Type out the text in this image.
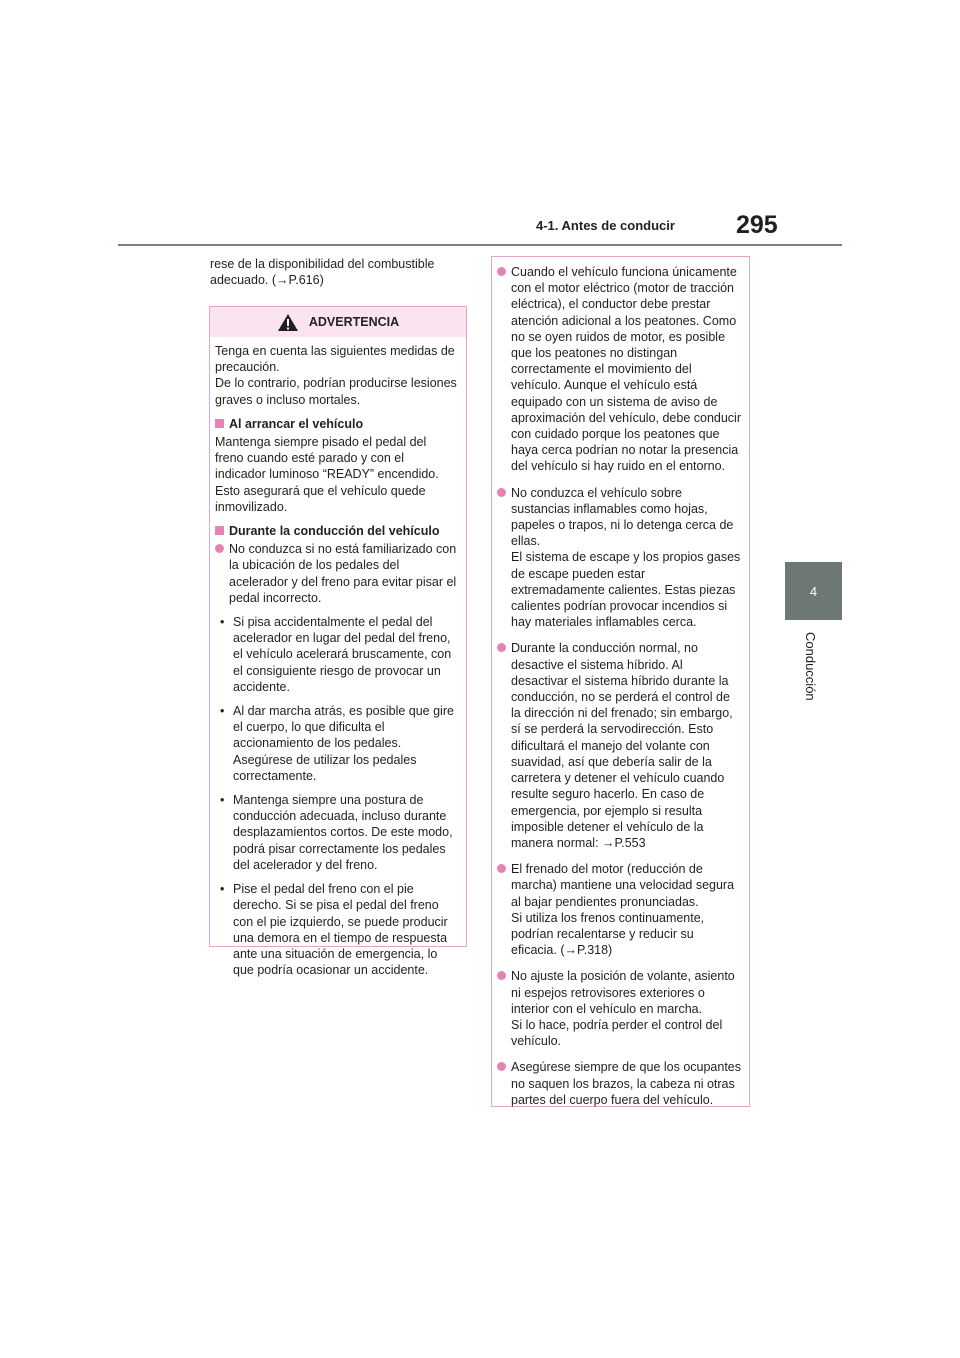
4-1. Antes de conducir 295
4
Conducción
rese de la disponibilidad del combustible adecuado. (→ P.616)
ADVERTENCIA

Tenga en cuenta las siguientes medidas de precaución.
De lo contrario, podrían producirse lesiones graves o incluso mortales.

Al arrancar el vehículo

Mantenga siempre pisado el pedal del freno cuando esté parado y con el indicador luminoso “READY” encendido. Esto asegurará que el vehículo quede inmovilizado.

Durante la conducción del vehículo
No conduzca si no está familiarizado con la ubicación de los pedales del acelerador y del freno para evitar pisar el pedal incorrecto.
• Si pisa accidentalmente el pedal del acelerador en lugar del pedal del freno, el vehículo acelerará bruscamente, con el consiguiente riesgo de provocar un accidente.
• Al dar marcha atrás, es posible que gire el cuerpo, lo que dificulta el accionamiento de los pedales. Asegúrese de utilizar los pedales correctamente.
• Mantenga siempre una postura de conducción adecuada, incluso durante desplazamientos cortos. De este modo, podrá pisar correctamente los pedales del acelerador y del freno.
• Pise el pedal del freno con el pie derecho. Si se pisa el pedal del freno con el pie izquierdo, se puede producir una demora en el tiempo de respuesta ante una situación de emergencia, lo que podría ocasionar un accidente.
Cuando el vehículo funciona únicamente con el motor eléctrico (motor de tracción eléctrica), el conductor debe prestar atención adicional a los peatones. Como no se oyen ruidos de motor, es posible que los peatones no distingan correctamente el movimiento del vehículo. Aunque el vehículo está equipado con un sistema de aviso de aproximación del vehículo, debe conducir con cuidado porque los peatones que haya cerca podrían no notar la presencia del vehículo si hay ruido en el entorno.
No conduzca el vehículo sobre sustancias inflamables como hojas, papeles o trapos, ni lo detenga cerca de ellas.
El sistema de escape y los propios gases de escape pueden estar extremadamente calientes. Estas piezas calientes podrían provocar incendios si hay materiales inflamables cerca.
Durante la conducción normal, no desactive el sistema híbrido. Al desactivar el sistema híbrido durante la conducción, no se perderá el control de la dirección ni del frenado; sin embargo, sí se perderá la servodirección. Esto dificultará el manejo del volante con suavidad, así que debería salir de la carretera y detener el vehículo cuando resulte seguro hacerlo. En caso de emergencia, por ejemplo si resulta imposible detener el vehículo de la manera normal: →P.553
El frenado del motor (reducción de marcha) mantiene una velocidad segura al bajar pendientes pronunciadas.
Si utiliza los frenos continuamente, podrían recalentarse y reducir su eficacia. (→P.318)
No ajuste la posición de volante, asiento ni espejos retrovisores exteriores o interior con el vehículo en marcha.
Si lo hace, podría perder el control del vehículo.
Asegúrese siempre de que los ocupantes no saquen los brazos, la cabeza ni otras partes del cuerpo fuera del vehículo.
